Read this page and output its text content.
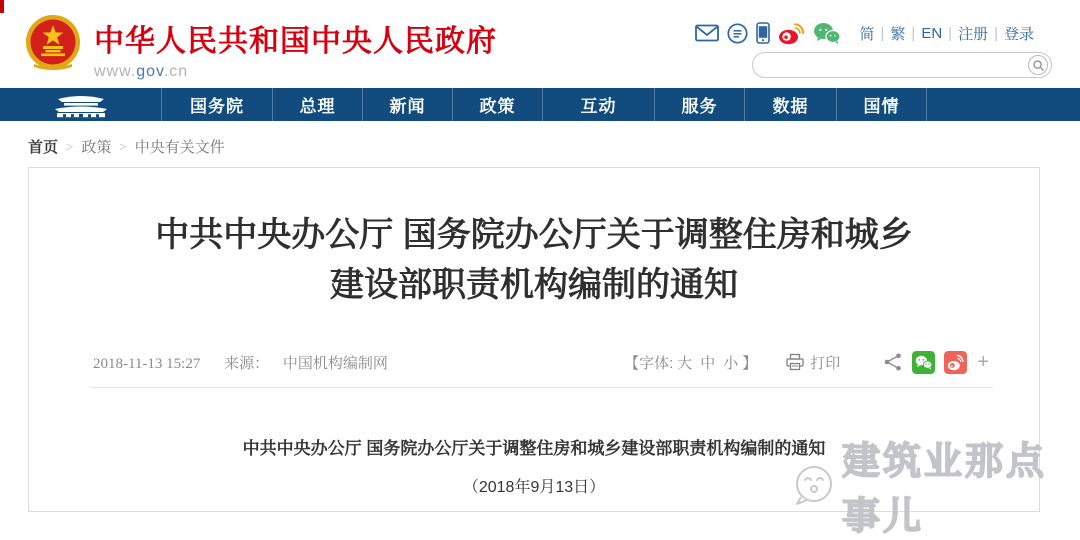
中华人民共和国中央人民政府
www.gov.cn
简 | 繁 | EN | 注册 | 登录
国务院	总理	新闻	政策	互动	服务	数据	国情
首页 > 政策 > 中央有关文件
中共中央办公厅 国务院办公厅关于调整住房和城乡建设部职责机构编制的通知
2018-11-13 15:27 来源： 中国机构编制网	【字体: 大 中 小 】	打印	+

中共中央办公厅 国务院办公厅关于调整住房和城乡建设部职责机构编制的通知

（2018年9月13日）

建筑业那点事儿
